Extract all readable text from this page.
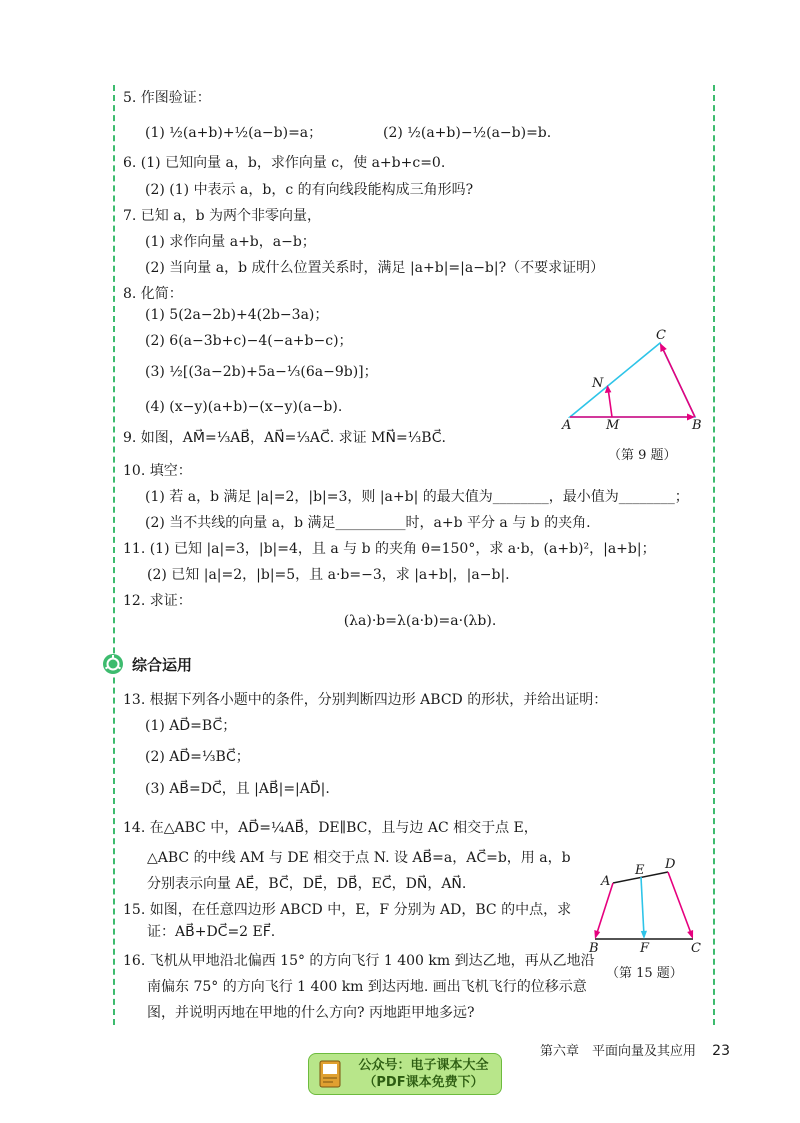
5. 作图验证：
(1) ½(a+b)+½(a−b)=a；	(2) ½(a+b)−½(a−b)=b.
6. (1) 已知向量 a，b，求作向量 c，使 a+b+c=0.
(2) (1) 中表示 a，b，c 的有向线段能构成三角形吗?
7. 已知 a，b 为两个非零向量，
(1) 求作向量 a+b，a−b；
(2) 当向量 a，b 成什么位置关系时，满足 |a+b|=|a−b|?（不要求证明）
8. 化简：
(1) 5(2a−2b)+4(2b−3a)；
(2) 6(a−3b+c)−4(−a+b−c)；
(3) ½[(3a−2b)+5a−⅓(6a−9b)]；
(4) (x−y)(a+b)−(x−y)(a−b).
9. 如图，AM⃗=⅓AB⃗，AN⃗=⅓AC⃗. 求证 MN⃗=⅓BC⃗.
10. 填空：
(1) 若 a，b 满足 |a|=2，|b|=3，则 |a+b| 的最大值为________，最小值为________；
(2) 当不共线的向量 a，b 满足__________时，a+b 平分 a 与 b 的夹角.
11. (1) 已知 |a|=3，|b|=4，且 a 与 b 的夹角 θ=150°，求 a·b，(a+b)²，|a+b|；
(2) 已知 |a|=2，|b|=5，且 a·b=−3，求 |a+b|，|a−b|.
12. 求证：
13. 根据下列各小题中的条件，分别判断四边形 ABCD 的形状，并给出证明：
(1) AD⃗=BC⃗；
(2) AD⃗=⅓BC⃗；
(3) AB⃗=DC⃗，且 |AB⃗|=|AD⃗|.
14. 在△ABC 中，AD⃗=¼AB⃗，DE∥BC，且与边 AC 相交于点 E，
△ABC 的中线 AM 与 DE 相交于点 N. 设 AB⃗=a，AC⃗=b，用 a，b
分别表示向量 AE⃗，BC⃗，DE⃗，DB⃗，EC⃗，DN⃗，AN⃗.
15. 如图，在任意四边形 ABCD 中，E，F 分别为 AD，BC 的中点，求
证：AB⃗+DC⃗=2 EF⃗.
16. 飞机从甲地沿北偏西 15° 的方向飞行 1 400 km 到达乙地，再从乙地沿
南偏东 75° 的方向飞行 1 400 km 到达丙地. 画出飞机飞行的位移示意
图，并说明丙地在甲地的什么方向? 丙地距甲地多远?
(λa)·b=λ(a·b)=a·(λb).
综合运用
A	M	B
N
C
（第 9 题）
A
E D
B	F	C
（第 15 题）
第六章　平面向量及其应用 23
公众号：电子课本大全
（PDF课本免费下）
